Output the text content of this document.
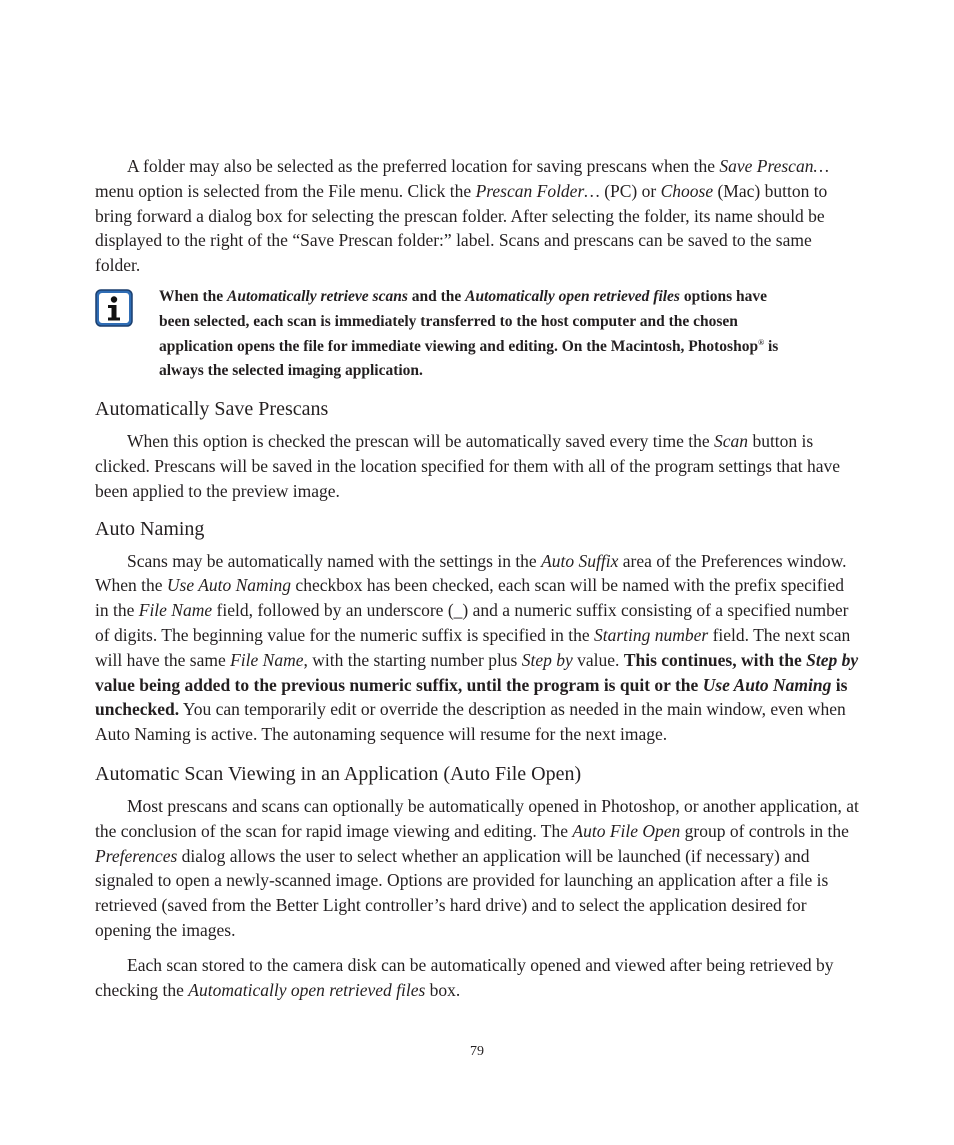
A folder may also be selected as the preferred location for saving prescans when the Save Prescan… menu option is selected from the File menu. Click the Prescan Folder… (PC) or Choose (Mac) button to bring forward a dialog box for selecting the prescan folder. After selecting the folder, its name should be displayed to the right of the “Save Prescan folder:” label. Scans and prescans can be saved to the same folder.

When the Automatically retrieve scans and the Automatically open retrieved files options have been selected, each scan is immediately transferred to the host computer and the chosen application opens the file for immediate viewing and editing. On the Macintosh, Photoshop® is always the selected imaging application.

Automatically Save Prescans

When this option is checked the prescan will be automatically saved every time the Scan button is clicked. Prescans will be saved in the location specified for them with all of the program settings that have been applied to the preview image.

Auto Naming

Scans may be automatically named with the settings in the Auto Suffix area of the Preferences window. When the Use Auto Naming checkbox has been checked, each scan will be named with the prefix specified in the File Name field, followed by an underscore (_) and a numeric suffix consisting of a specified number of digits. The beginning value for the numeric suffix is specified in the Starting number field. The next scan will have the same File Name, with the starting number plus Step by value. This continues, with the Step by value being added to the previous numeric suffix, until the program is quit or the Use Auto Naming is unchecked. You can temporarily edit or override the description as needed in the main window, even when Auto Naming is active. The autonaming sequence will resume for the next image.

Automatic Scan Viewing in an Application (Auto File Open)

Most prescans and scans can optionally be automatically opened in Photoshop, or another application, at the conclusion of the scan for rapid image viewing and editing. The Auto File Open group of controls in the Preferences dialog allows the user to select whether an application will be launched (if necessary) and signaled to open a newly-scanned image. Options are provided for launching an application after a file is retrieved (saved from the Better Light controller’s hard drive) and to select the application desired for opening the images.

Each scan stored to the camera disk can be automatically opened and viewed after being retrieved by checking the Automatically open retrieved files box.

79
